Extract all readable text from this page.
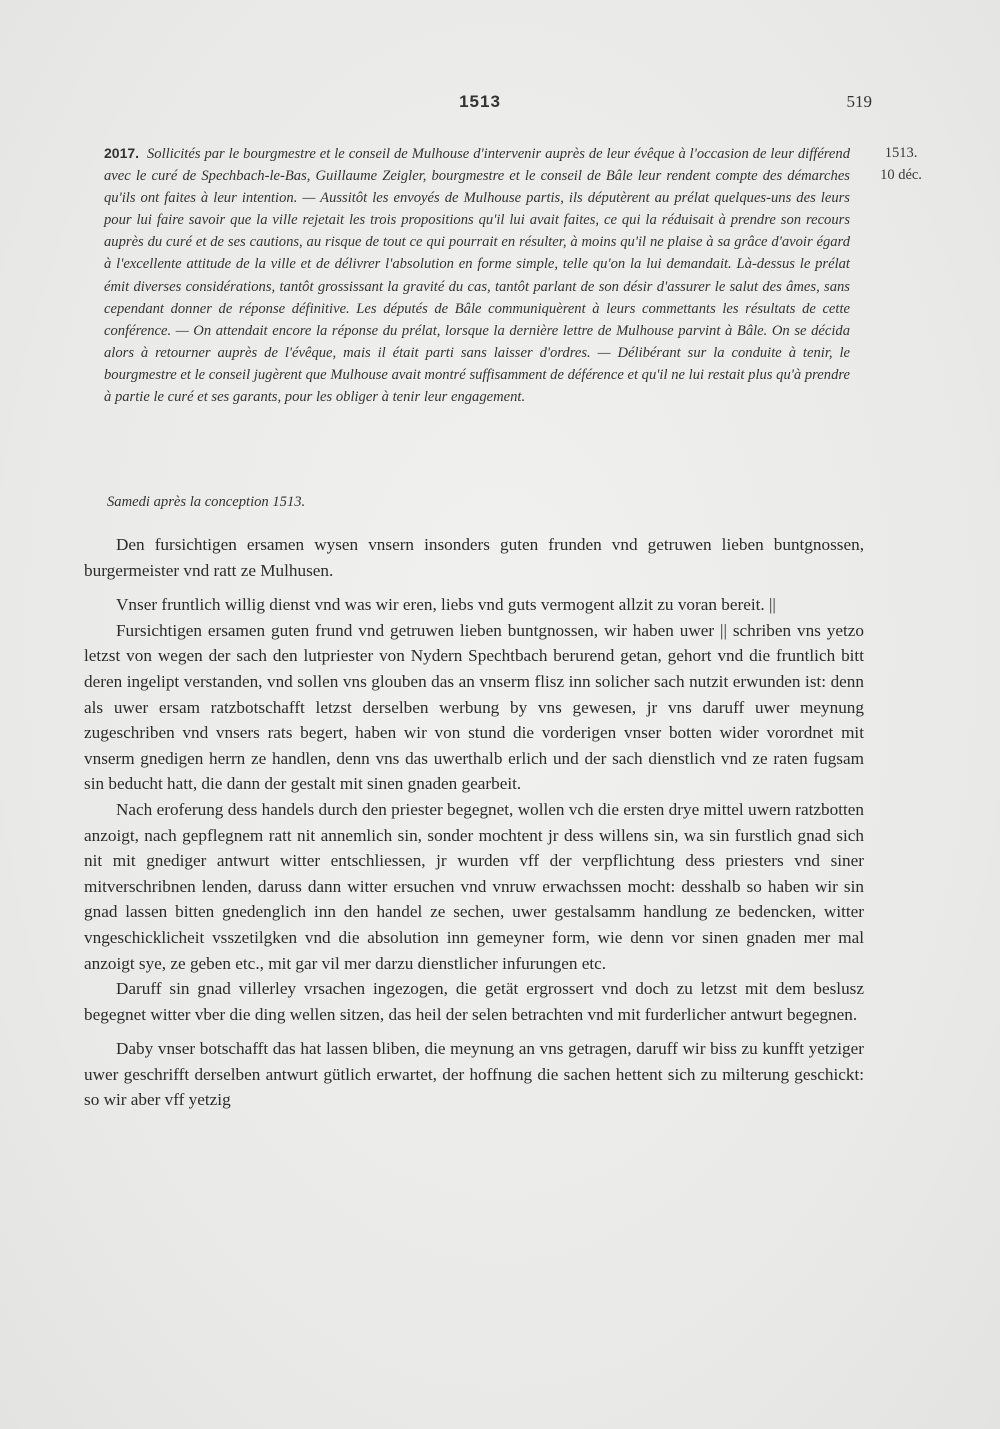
1513	519
1513.
10 déc.
2017. Sollicités par le bourgmestre et le conseil de Mulhouse d'intervenir auprès de leur évêque à l'occasion de leur différend avec le curé de Spechbach-le-Bas, Guillaume Zeigler, bourgmestre et le conseil de Bâle leur rendent compte des démarches qu'ils ont faites à leur intention. — Aussitôt les envoyés de Mulhouse partis, ils députèrent au prélat quelques-uns des leurs pour lui faire savoir que la ville rejetait les trois propositions qu'il lui avait faites, ce qui la réduisait à prendre son recours auprès du curé et de ses cautions, au risque de tout ce qui pourrait en résulter, à moins qu'il ne plaise à sa grâce d'avoir égard à l'excellente attitude de la ville et de délivrer l'absolution en forme simple, telle qu'on la lui demandait. Là-dessus le prélat émit diverses considérations, tantôt grossissant la gravité du cas, tantôt parlant de son désir d'assurer le salut des âmes, sans cependant donner de réponse définitive. Les députés de Bâle communiquèrent à leurs commettants les résultats de cette conférence. — On attendait encore la réponse du prélat, lorsque la dernière lettre de Mulhouse parvint à Bâle. On se décida alors à retourner auprès de l'évêque, mais il était parti sans laisser d'ordres. — Délibérant sur la conduite à tenir, le bourgmestre et le conseil jugèrent que Mulhouse avait montré suffisamment de déférence et qu'il ne lui restait plus qu'à prendre à partie le curé et ses garants, pour les obliger à tenir leur engagement.
Samedi après la conception 1513.

Den fursichtigen ersamen wysen vnsern insonders guten frunden vnd getruwen lieben buntgnossen, burgermeister vnd ratt ze Mulhusen.

Vnser fruntlich willig dienst vnd was wir eren, liebs vnd guts vermogent allzit zu voran bereit. ||

Fursichtigen ersamen guten frund vnd getruwen lieben buntgnossen, wir haben uwer || schriben vns yetzo letzst von wegen der sach den lutpriester von Nydern Spechtbach berurend getan, gehort vnd die fruntlich bitt deren ingelipt verstanden, vnd sollen vns glouben das an vnserm flisz inn solicher sach nutzit erwunden ist: denn als uwer ersam ratzbotschafft letzst derselben werbung by vns gewesen, jr vns daruff uwer meynung zugeschriben vnd vnsers rats begert, haben wir von stund die vorderigen vnser botten wider vorordnet mit vnserm gnedigen herrn ze handlen, denn vns das uwerthalb erlich und der sach dienstlich vnd ze raten fugsam sin beducht hatt, die dann der gestalt mit sinen gnaden gearbeit.

Nach eroferung dess handels durch den priester begegnet, wollen vch die ersten drye mittel uwern ratzbotten anzoigt, nach gepflegnem ratt nit annemlich sin, sonder mochtent jr dess willens sin, wa sin furstlich gnad sich nit mit gnediger antwurt witter entschliessen, jr wurden vff der verpflichtung dess priesters vnd siner mitverschribnen lenden, daruss dann witter ersuchen vnd vnruw erwachssen mocht: desshalb so haben wir sin gnad lassen bitten gnedenglich inn den handel ze sechen, uwer gestalsamm handlung ze bedencken, witter vngeschicklicheit vsszetilgken vnd die absolution inn gemeyner form, wie denn vor sinen gnaden mer mal anzoigt sye, ze geben etc., mit gar vil mer darzu dienstlicher infurungen etc.

Daruff sin gnad villerley vrsachen ingezogen, die getät ergrossert vnd doch zu letzst mit dem beslusz begegnet witter vber die ding wellen sitzen, das heil der selen betrachten vnd mit furderlicher antwurt begegnen.

Daby vnser botschafft das hat lassen bliben, die meynung an vns getragen, daruff wir biss zu kunfft yetziger uwer geschrifft derselben antwurt gütlich erwartet, der hoffnung die sachen hettent sich zu milterung geschickt: so wir aber vff yetzig
